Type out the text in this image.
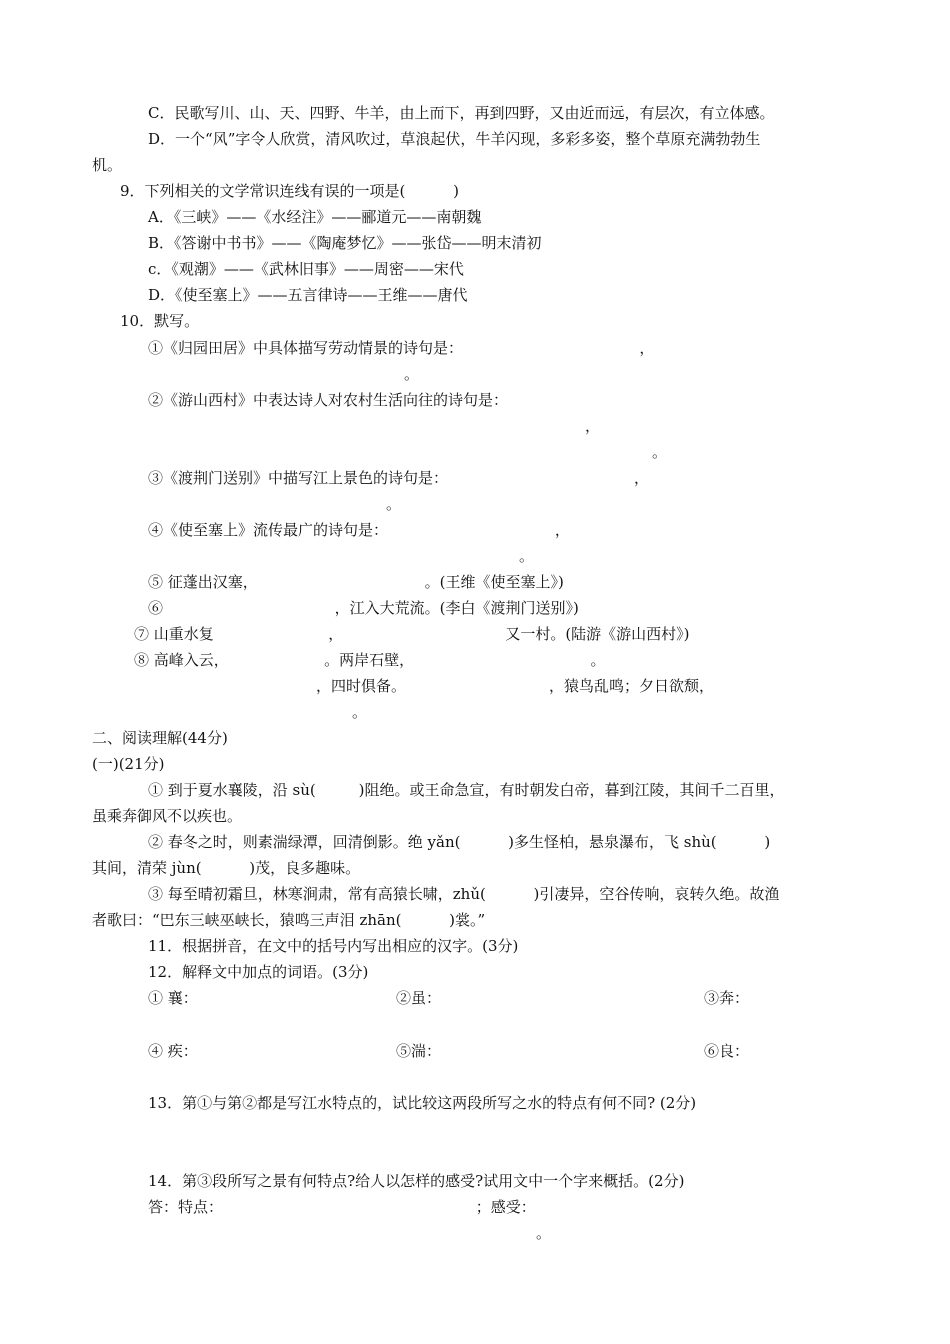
C．民歌写川、山、天、四野、牛羊，由上而下，再到四野，又由近而远，有层次，有立体感。
D．一个“风”字令人欣赏，清风吹过，草浪起伏，牛羊闪现，多彩多姿，整个草原充满勃勃生
机。
9．下列相关的文学常识连线有误的一项是(          )
A．《三峡》——《水经注》——郦道元——南朝魏
B．《答谢中书书》——《陶庵梦忆》——张岱——明末清初
c．《观潮》——《武林旧事》——周密——宋代
D．《使至塞上》——五言律诗——王维——唐代
10．默写。
①《归园田居》中具体描写劳动情景的诗句是：                                     ，
。
②《游山西村》中表达诗人对农村生活向往的诗句是：
，
。
③《渡荆门送别》中描写江上景色的诗句是：                                       ，
。
④《使至塞上》流传最广的诗句是：                                   ，
。
⑤ 征蓬出汉塞，                                   。(王维《使至塞上》)
⑥                                    ，江入大荒流。(李白《渡荆门送别》)
⑦ 山重水复                        ，                                  又一村。(陆游《游山西村》)
⑧ 高峰入云，                    。两岸石壁，                                     。
，四时俱备。                              ，猿鸟乱鸣；夕日欲颓，
。
二、阅读理解(44分)
(一)(21分)
① 到于夏水襄陵，沿 sù(         )阻绝。或王命急宣，有时朝发白帝，暮到江陵，其间千二百里，
虽乘奔御风不以疾也。
② 春冬之时，则素湍绿潭，回清倒影。绝 yǎn(          )多生怪柏，悬泉瀑布，飞 shù(          )
其间，清荣 jùn(          )茂，良多趣味。
③ 每至晴初霜旦，林寒涧肃，常有高猿长啸，zhǔ(          )引凄异，空谷传响，哀转久绝。故渔
者歌曰：“巴东三峡巫峡长，猿鸣三声泪 zhān(          )裳。”
11．根据拼音，在文中的括号内写出相应的汉字。(3分)
12．解释文中加点的词语。(3分)
① 襄：	②虽：	③奔：
④ 疾：	⑤湍：	⑥良：
13．第①与第②都是写江水特点的，试比较这两段所写之水的特点有何不同? (2分)
14．第③段所写之景有何特点?给人以怎样的感受?试用文中一个字来概括。(2分)
答：特点：                                                     ；感受：
。
